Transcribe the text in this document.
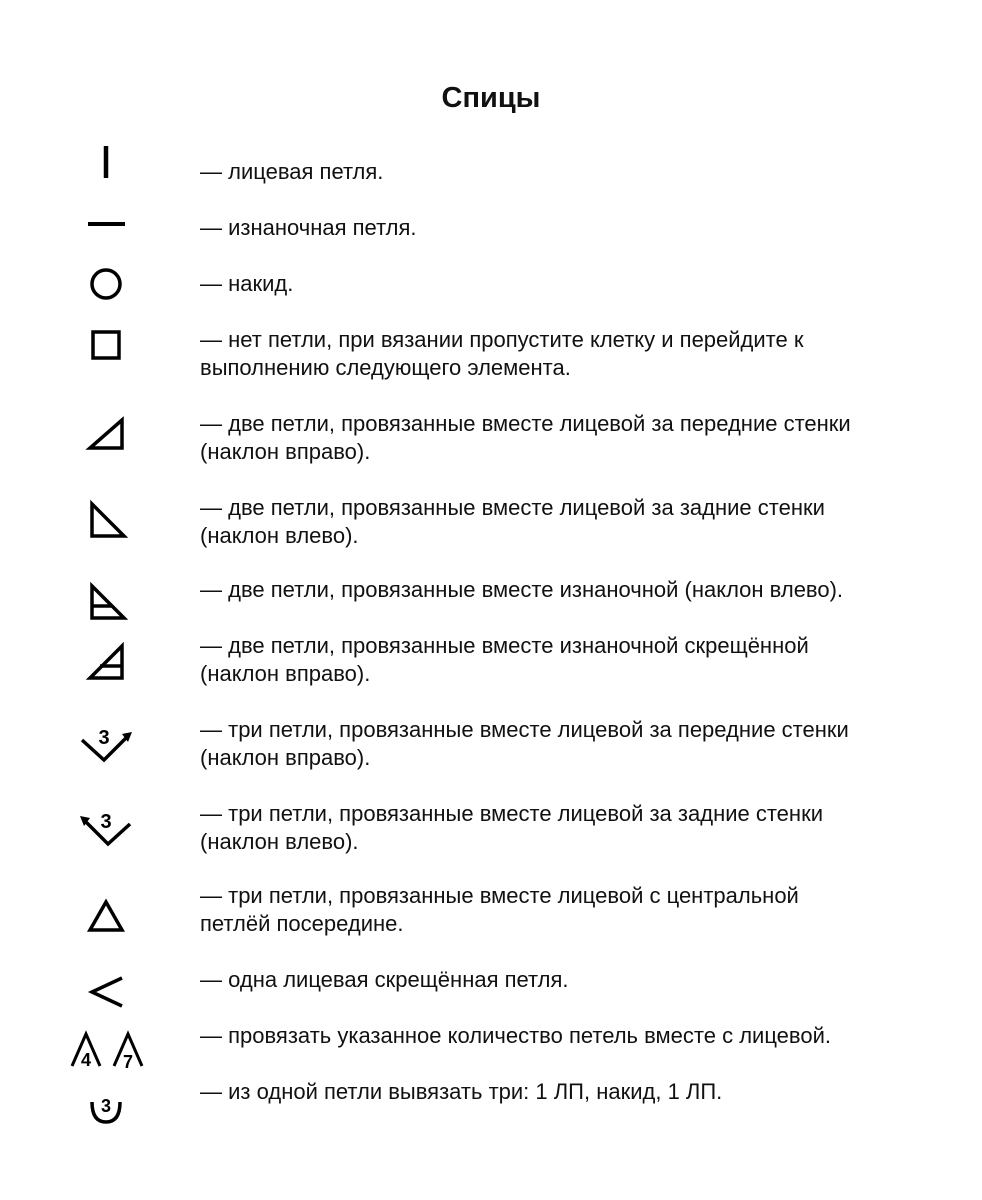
Спицы
— лицевая петля.
— изнаночная петля.
— накид.
— нет петли, при вязании пропустите клетку и перейдите к
выполнению следующего элемента.
— две петли, провязанные вместе лицевой за передние стенки
(наклон вправо).
— две петли, провязанные вместе лицевой за задние стенки
(наклон влево).
— две петли, провязанные вместе изнаночной (наклон влево).
— две петли, провязанные вместе изнаночной скрещённой
(наклон вправо).
3	— три петли, провязанные вместе лицевой за передние стенки
(наклон вправо).
3	— три петли, провязанные вместе лицевой за задние стенки
(наклон влево).
— три петли, провязанные вместе лицевой с центральной
петлёй посередине.
— одна лицевая скрещённая петля.
4 7
— провязать указанное количество петель вместе с лицевой.
3
— из одной петли вывязать три: 1 ЛП, накид, 1 ЛП.
